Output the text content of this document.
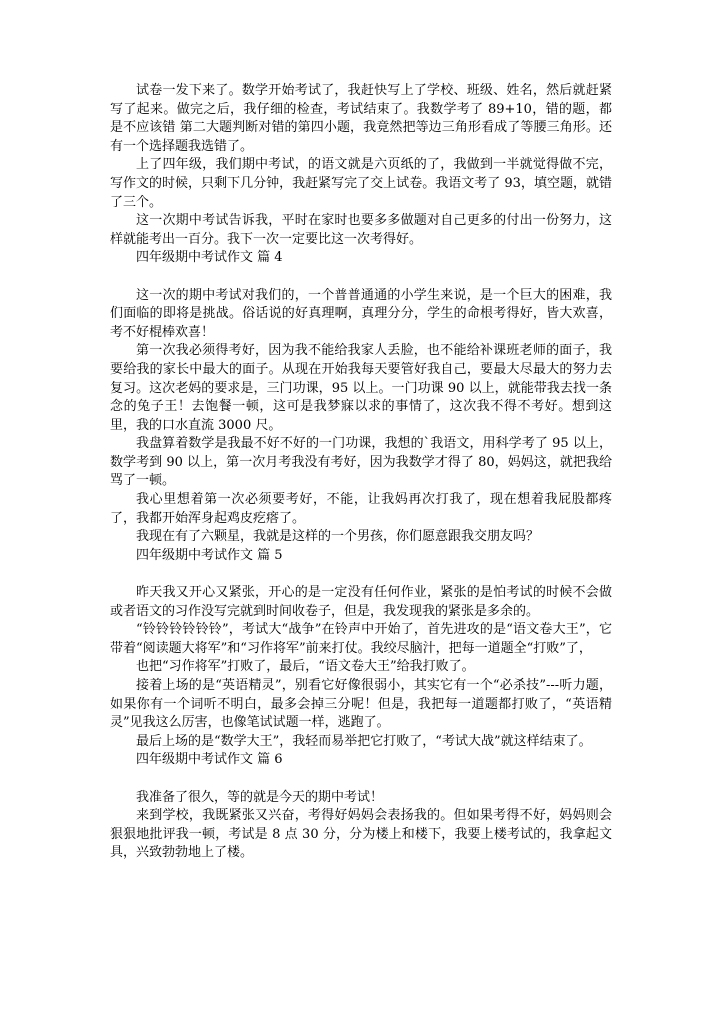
试卷一发下来了。数学开始考试了，我赶快写上了学校、班级、姓名，然后就赶紧写了起来。做完之后，我仔细的检查，考试结束了。我数学考了 89+10，错的题，都是不应该错 第二大题判断对错的第四小题，我竟然把等边三角形看成了等腰三角形。还有一个选择题我选错了。

上了四年级，我们期中考试，的语文就是六页纸的了，我做到一半就觉得做不完，写作文的时候，只剩下几分钟，我赶紧写完了交上试卷。我语文考了 93，填空题，就错了三个。

这一次期中考试告诉我，平时在家时也要多多做题对自己更多的付出一份努力，这样就能考出一百分。我下一次一定要比这一次考得好。

四年级期中考试作文 篇 4

这一次的期中考试对我们的，一个普普通通的小学生来说，是一个巨大的困难，我们面临的即将是挑战。俗话说的好真理啊，真理分分，学生的命根考得好，皆大欢喜，考不好棍棒欢喜！

第一次我必须得考好，因为我不能给我家人丢脸，也不能给补课班老师的面子，我要给我的家长中最大的面子。从现在开始我每天要管好我自己，要最大尽最大的努力去复习。这次老妈的要求是，三门功课，95 以上。一门功课 90 以上，就能带我去找一条念的兔子王！去饱餐一顿，这可是我梦寐以求的事情了，这次我不得不考好。想到这里，我的口水直流 3000 尺。

我盘算着数学是我最不好不好的一门功课，我想的`我语文，用科学考了 95 以上，数学考到 90 以上，第一次月考我没有考好，因为我数学才得了 80，妈妈这，就把我给骂了一顿。

我心里想着第一次必须要考好，不能，让我妈再次打我了，现在想着我屁股都疼了，我都开始浑身起鸡皮疙瘩了。

我现在有了六颗星，我就是这样的一个男孩，你们愿意跟我交朋友吗？

四年级期中考试作文 篇 5

昨天我又开心又紧张，开心的是一定没有任何作业，紧张的是怕考试的时候不会做或者语文的习作没写完就到时间收卷子，但是，我发现我的紧张是多余的。

“铃铃铃铃铃铃”，考试大“战争”在铃声中开始了，首先进攻的是“语文卷大王”，它带着“阅读题大将军”和“习作将军”前来打仗。我绞尽脑汁，把每一道题全“打败”了，

也把“习作将军”打败了，最后，“语文卷大王”给我打败了。

接着上场的是“英语精灵”，别看它好像很弱小，其实它有一个“必杀技”---听力题，如果你有一个词听不明白，最多会掉三分呢！但是，我把每一道题都打败了，“英语精灵”见我这么厉害，也像笔试试题一样，逃跑了。

最后上场的是“数学大王”，我轻而易举把它打败了，“考试大战”就这样结束了。

四年级期中考试作文 篇 6

我准备了很久，等的就是今天的期中考试！

来到学校，我既紧张又兴奋，考得好妈妈会表扬我的。但如果考得不好，妈妈则会狠狠地批评我一顿，考试是 8 点 30 分，分为楼上和楼下，我要上楼考试的，我拿起文具，兴致勃勃地上了楼。
